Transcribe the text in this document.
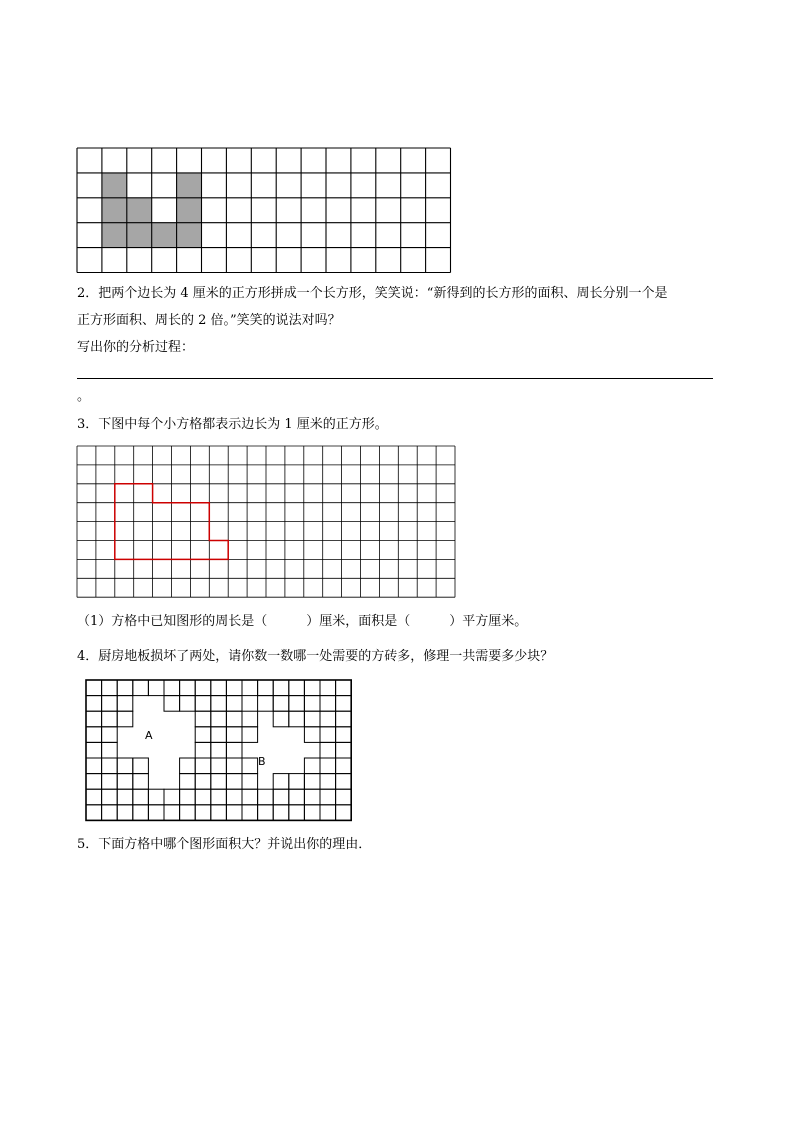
2．把两个边长为 4 厘米的正方形拼成一个长方形，笑笑说：“新得到的长方形的面积、周长分别一个是
正方形面积、周长的 2 倍。”笑笑的说法对吗？
写出你的分析过程：
。
3．下图中每个小方格都表示边长为 1 厘米的正方形。
（1）方格中已知图形的周长是（　　　）厘米，面积是（　　　）平方厘米。
4．厨房地板损坏了两处，请你数一数哪一处需要的方砖多，修理一共需要多少块？
A
B
5．下面方格中哪个图形面积大？并说出你的理由．
